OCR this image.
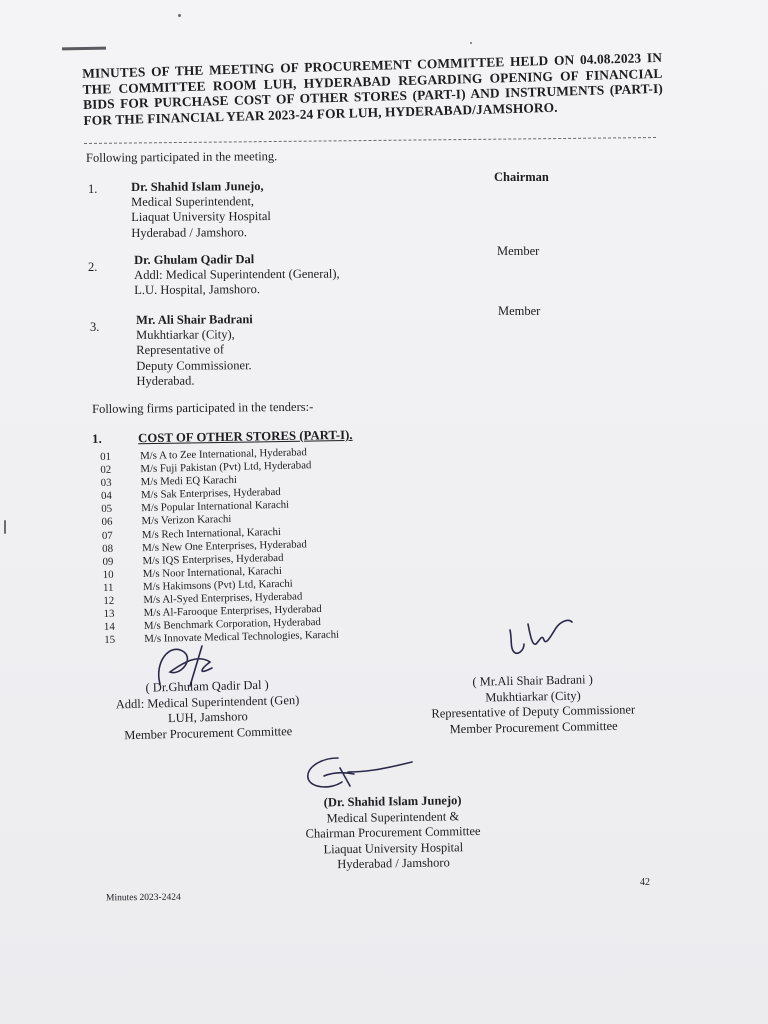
MINUTES OF THE MEETING OF PROCUREMENT COMMITTEE HELD ON 04.08.2023 IN THE COMMITTEE ROOM LUH, HYDERABAD REGARDING OPENING OF FINANCIAL BIDS FOR PURCHASE COST OF OTHER STORES (PART-I) AND INSTRUMENTS (PART-I) FOR THE FINANCIAL YEAR 2023-24 FOR LUH, HYDERABAD/JAMSHORO.
Following participated in the meeting.
1.	Dr. Shahid Islam Junejo,
Medical Superintendent,
Liaquat University Hospital
Hyderabad / Jamshoro.
Chairman
2.
Dr. Ghulam Qadir Dal
Addl: Medical Superintendent (General),
L.U. Hospital, Jamshoro.
Member
3.
Mr. Ali Shair Badrani
Mukhtiarkar (City),
Representative of
Deputy Commissioner.
Hyderabad.
Member
Following firms participated in the tenders:-
1.	COST OF OTHER STORES (PART-I).
01	M/s A to Zee International, Hyderabad
02	M/s Fuji Pakistan (Pvt) Ltd, Hyderabad
03	M/s Medi EQ Karachi
04	M/s Sak Enterprises, Hyderabad
05	M/s Popular International Karachi
06	M/s Verizon Karachi
07	M/s Rech International, Karachi
08	M/s New One Enterprises, Hyderabad
09	M/s IQS Enterprises, Hyderabad
10	M/s Noor International, Karachi
11	M/s Hakimsons (Pvt) Ltd, Karachi
12	M/s Al-Syed Enterprises, Hyderabad
13	M/s Al-Farooque Enterprises, Hyderabad
14	M/s Benchmark Corporation, Hyderabad
15	M/s Innovate Medical Technologies, Karachi
( Dr.Ghulam Qadir Dal )
Addl: Medical Superintendent (Gen)
LUH, Jamshoro
Member Procurement Committee
( Mr.Ali Shair Badrani )
Mukhtiarkar (City)
Representative of Deputy Commissioner
Member Procurement Committee
(Dr. Shahid Islam Junejo)
Medical Superintendent &
Chairman Procurement Committee
Liaquat University Hospital
Hyderabad / Jamshoro
Minutes 2023-2424
42
